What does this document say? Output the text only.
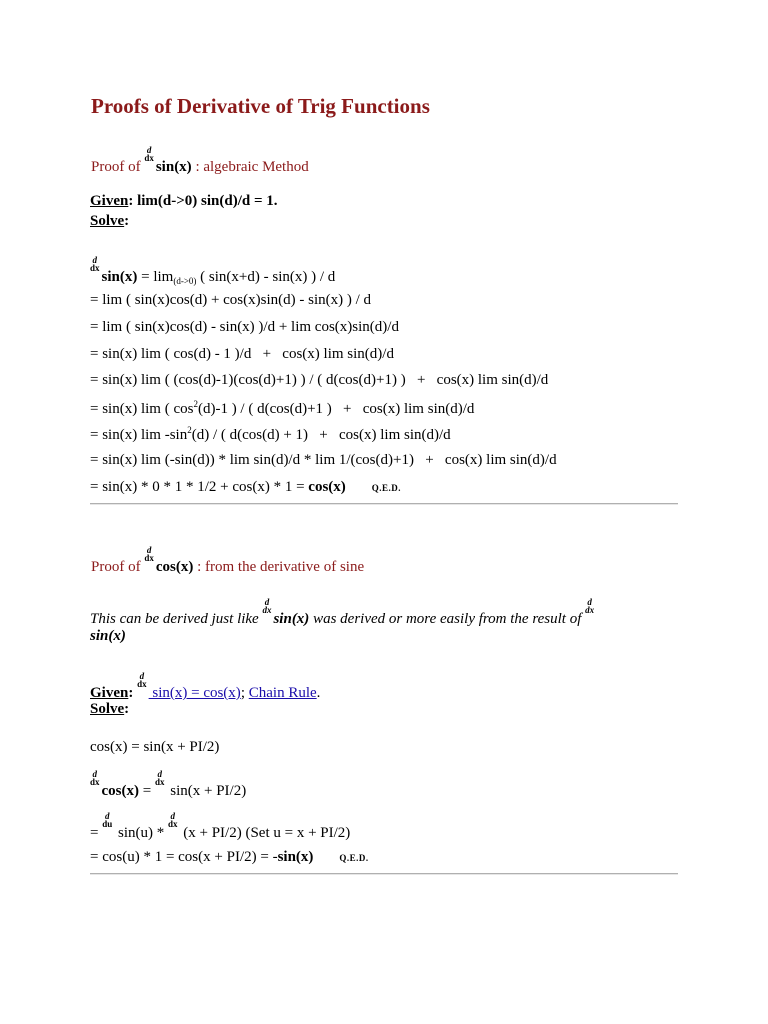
Proofs of Derivative of Trig Functions
Proof of
d
dx
sin(x) : algebraic Method
Given: lim(d->0) sin(d)/d = 1.
Solve:
d
dx
$\sin(x) = \lim_{(d->0)}$ ( sin(x+d) - sin(x) ) / d
= lim ( sin(x)cos(d) + cos(x)sin(d) - sin(x) ) / d
= lim ( sin(x)cos(d) - sin(x) )/d + lim cos(x)sin(d)/d
= sin(x) lim ( cos(d) - 1 )/d   +   cos(x) lim sin(d)/d
= sin(x) lim ( (cos(d)-1)(cos(d)+1) ) / ( d(cos(d)+1) )   +   cos(x) lim sin(d)/d
= sin(x) lim ( $\cos^2(d)-1$ ) / ( d(cos(d)+1 )   +   cos(x) lim sin(d)/d
= sin(x) $\lim -\sin^2(d)$ / ( d(cos(d) + 1)   +   cos(x) lim sin(d)/d
= sin(x) lim (-sin(d)) * lim sin(d)/d * lim 1/(cos(d)+1)   +   cos(x) lim sin(d)/d
= sin(x) * 0 * 1 * 1/2 + cos(x) * 1 = cos(x)	Q.E.D.
Proof of
d
dx
cos(x) : from the derivative of sine
This can be derived just like
d
dx
sin(x) was derived or more easily from the result of
d
dx
sin(x)
Given:
d
dx
sin(x) = cos(x); Chain Rule.
Solve:
cos(x) = sin(x + PI/2)
d
dx
cos(x) =
d
dx
sin(x + PI/2)
=
d
du
sin(u) *
d
dx
(x + PI/2) (Set u = x + PI/2)
= cos(u) * 1 = cos(x + PI/2) = -sin(x)	Q.E.D.
